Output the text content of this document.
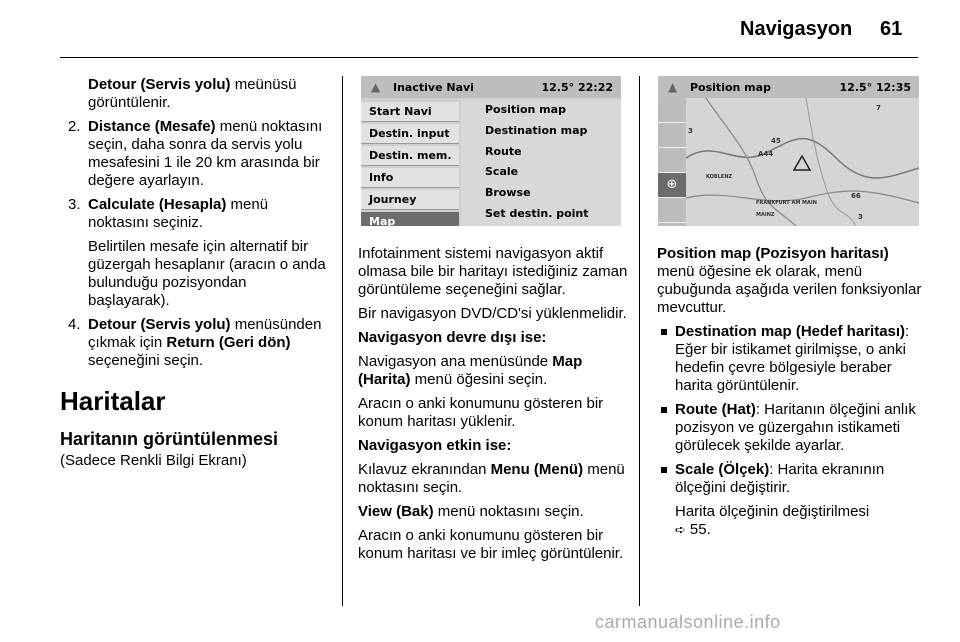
Navigasyon 61

Detour (Servis yolu) meünüsü görüntülenir.

2. Distance (Mesafe) menü noktasını seçin, daha sonra da servis yolu mesafesini 1 ile 20 km arasında bir değere ayarlayın.
3. Calculate (Hesapla) menü noktasını seçiniz.

Belirtilen mesafe için alternatif bir güzergah hesaplanır (aracın o anda bulunduğu pozisyondan başlayarak).

4. Detour (Servis yolu) menüsünden çıkmak için Return (Geri dön) seçeneğini seçin.
Haritalar
Haritanın görüntülenmesi

(Sadece Renkli Bilgi Ekranı)

▲ Inactive Navi	12.5° 22:22
Start Navi
Destin. input
Destin. mem.
Info
Journey
Map
Position map
Destination map
Route
Scale
Browse
Set destin. point
▲ Position map	12.5° 12:35
⊕
7
3
45
A44
KOBLENZ
FRANKFURT AM MAIN
MAINZ
66
3

Infotainment sistemi navigasyon aktif olmasa bile bir haritayı istediğiniz zaman görüntüleme seçeneğini sağlar.

Bir navigasyon DVD/CD'si yüklenmelidir.

Navigasyon devre dışı ise:

Navigasyon ana menüsünde Map (Harita) menü öğesini seçin.

Aracın o anki konumunu gösteren bir konum haritası yüklenir.

Navigasyon etkin ise:

Kılavuz ekranından Menu (Menü) menü noktasını seçin.

View (Bak) menü noktasını seçin.

Aracın o anki konumunu gösteren bir konum haritası ve bir imleç görüntülenir.

Position map (Pozisyon haritası)

menü öğesine ek olarak, menü çubuğunda aşağıda verilen fonksiyonlar mevcuttur.

Destination map (Hedef haritası): Eğer bir istikamet girilmişse, o anki hedefin çevre bölgesiyle beraber harita görüntülenir.
Route (Hat): Haritanın ölçeğini anlık pozisyon ve güzergahın istikameti görülecek şekilde ayarlar.
Scale (Ölçek): Harita ekranının ölçeğini değiştirir.

Harita ölçeğinin değiştirilmesi

➪ 55.

carmanualsonline.info
